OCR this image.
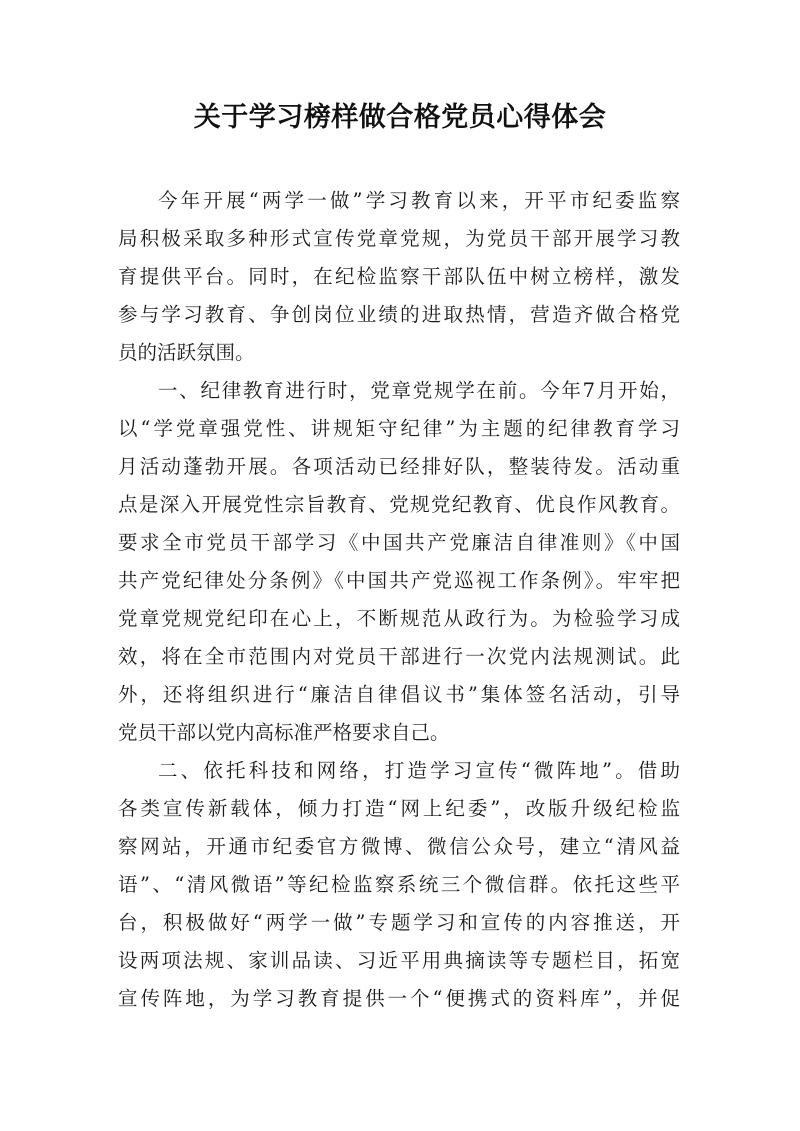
关于学习榜样做合格党员心得体会
今年开展“两学一做”学习教育以来，开平市纪委监察
局积极采取多种形式宣传党章党规，为党员干部开展学习教
育提供平台。同时，在纪检监察干部队伍中树立榜样，激发
参与学习教育、争创岗位业绩的进取热情，营造齐做合格党
员的活跃氛围。
一、纪律教育进行时，党章党规学在前。今年7月开始，
以“学党章强党性、讲规矩守纪律”为主题的纪律教育学习
月活动蓬勃开展。各项活动已经排好队，整装待发。活动重
点是深入开展党性宗旨教育、党规党纪教育、优良作风教育。
要求全市党员干部学习《中国共产党廉洁自律准则》《中国
共产党纪律处分条例》《中国共产党巡视工作条例》。牢牢把
党章党规党纪印在心上，不断规范从政行为。为检验学习成
效，将在全市范围内对党员干部进行一次党内法规测试。此
外，还将组织进行“廉洁自律倡议书”集体签名活动，引导
党员干部以党内高标准严格要求自己。
二、依托科技和网络，打造学习宣传“微阵地”。借助
各类宣传新载体，倾力打造“网上纪委”，改版升级纪检监
察网站，开通市纪委官方微博、微信公众号，建立“清风益
语”、“清风微语”等纪检监察系统三个微信群。依托这些平
台，积极做好“两学一做”专题学习和宣传的内容推送，开
设两项法规、家训品读、习近平用典摘读等专题栏目，拓宽
宣传阵地，为学习教育提供一个“便携式的资料库”，并促
